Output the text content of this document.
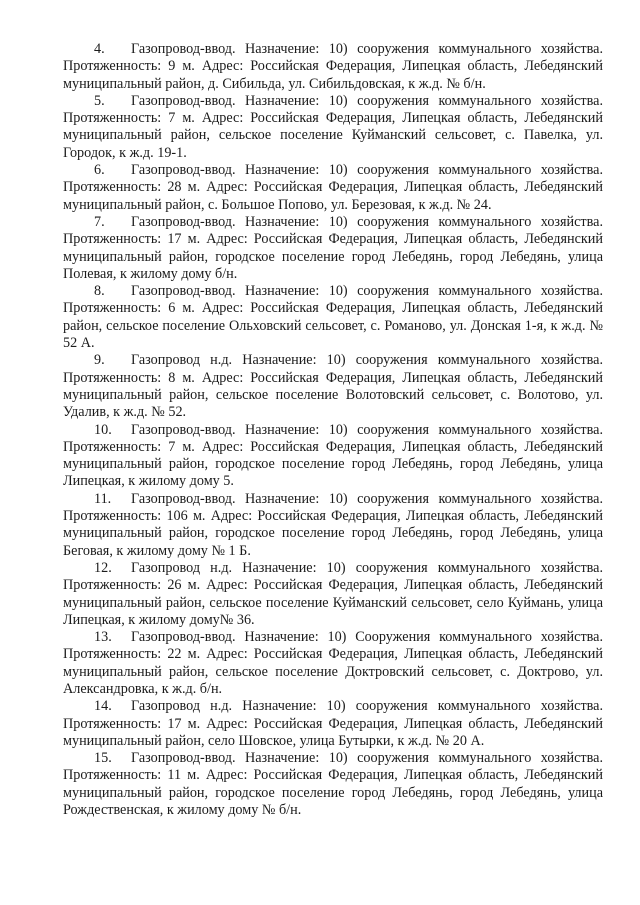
4. Газопровод-ввод. Назначение: 10) сооружения коммунального хозяйства. Протяженность: 9 м. Адрес: Российская Федерация, Липецкая область, Лебедянский муниципальный район, д. Сибильда, ул. Сибильдовская, к ж.д. № б/н.

5. Газопровод-ввод. Назначение: 10) сооружения коммунального хозяйства. Протяженность: 7 м. Адрес: Российская Федерация, Липецкая область, Лебедянский муниципальный район, сельское поселение Куйманский сельсовет, с. Павелка, ул. Городок, к ж.д. 19-1.

6. Газопровод-ввод. Назначение: 10) сооружения коммунального хозяйства. Протяженность: 28 м. Адрес: Российская Федерация, Липецкая область, Лебедянский муниципальный район, с. Большое Попово, ул. Березовая, к ж.д. № 24.

7. Газопровод-ввод. Назначение: 10) сооружения коммунального хозяйства. Протяженность: 17 м. Адрес: Российская Федерация, Липецкая область, Лебедянский муниципальный район, городское поселение город Лебедянь, город Лебедянь, улица Полевая, к жилому дому б/н.

8. Газопровод-ввод. Назначение: 10) сооружения коммунального хозяйства. Протяженность: 6 м. Адрес: Российская Федерация, Липецкая область, Лебедянский район, сельское поселение Ольховский сельсовет, с. Романово, ул. Донская 1-я, к ж.д. № 52 А.

9. Газопровод н.д. Назначение: 10) сооружения коммунального хозяйства. Протяженность: 8 м. Адрес: Российская Федерация, Липецкая область, Лебедянский муниципальный район, сельское поселение Волотовский сельсовет, с. Волотово, ул. Удалив, к ж.д. № 52.

10. Газопровод-ввод. Назначение: 10) сооружения коммунального хозяйства. Протяженность: 7 м. Адрес: Российская Федерация, Липецкая область, Лебедянский муниципальный район, городское поселение город Лебедянь, город Лебедянь, улица Липецкая, к жилому дому 5.

11. Газопровод-ввод. Назначение: 10) сооружения коммунального хозяйства. Протяженность: 106 м. Адрес: Российская Федерация, Липецкая область, Лебедянский муниципальный район, городское поселение город Лебедянь, город Лебедянь, улица Беговая, к жилому дому № 1 Б.

12. Газопровод н.д. Назначение: 10) сооружения коммунального хозяйства. Протяженность: 26 м. Адрес: Российская Федерация, Липецкая область, Лебедянский муниципальный район, сельское поселение Куйманский сельсовет, село Куймань, улица Липецкая, к жилому дому№ 36.

13. Газопровод-ввод. Назначение: 10) Сооружения коммунального хозяйства. Протяженность: 22 м. Адрес: Российская Федерация, Липецкая область, Лебедянский муниципальный район, сельское поселение Доктровский сельсовет, с. Доктрово, ул. Александровка, к ж.д. б/н.

14. Газопровод н.д. Назначение: 10) сооружения коммунального хозяйства. Протяженность: 17 м. Адрес: Российская Федерация, Липецкая область, Лебедянский муниципальный район, село Шовское, улица Бутырки, к ж.д. № 20 А.

15. Газопровод-ввод. Назначение: 10) сооружения коммунального хозяйства. Протяженность: 11 м. Адрес: Российская Федерация, Липецкая область, Лебедянский муниципальный район, городское поселение город Лебедянь, город Лебедянь, улица Рождественская, к жилому дому № б/н.
